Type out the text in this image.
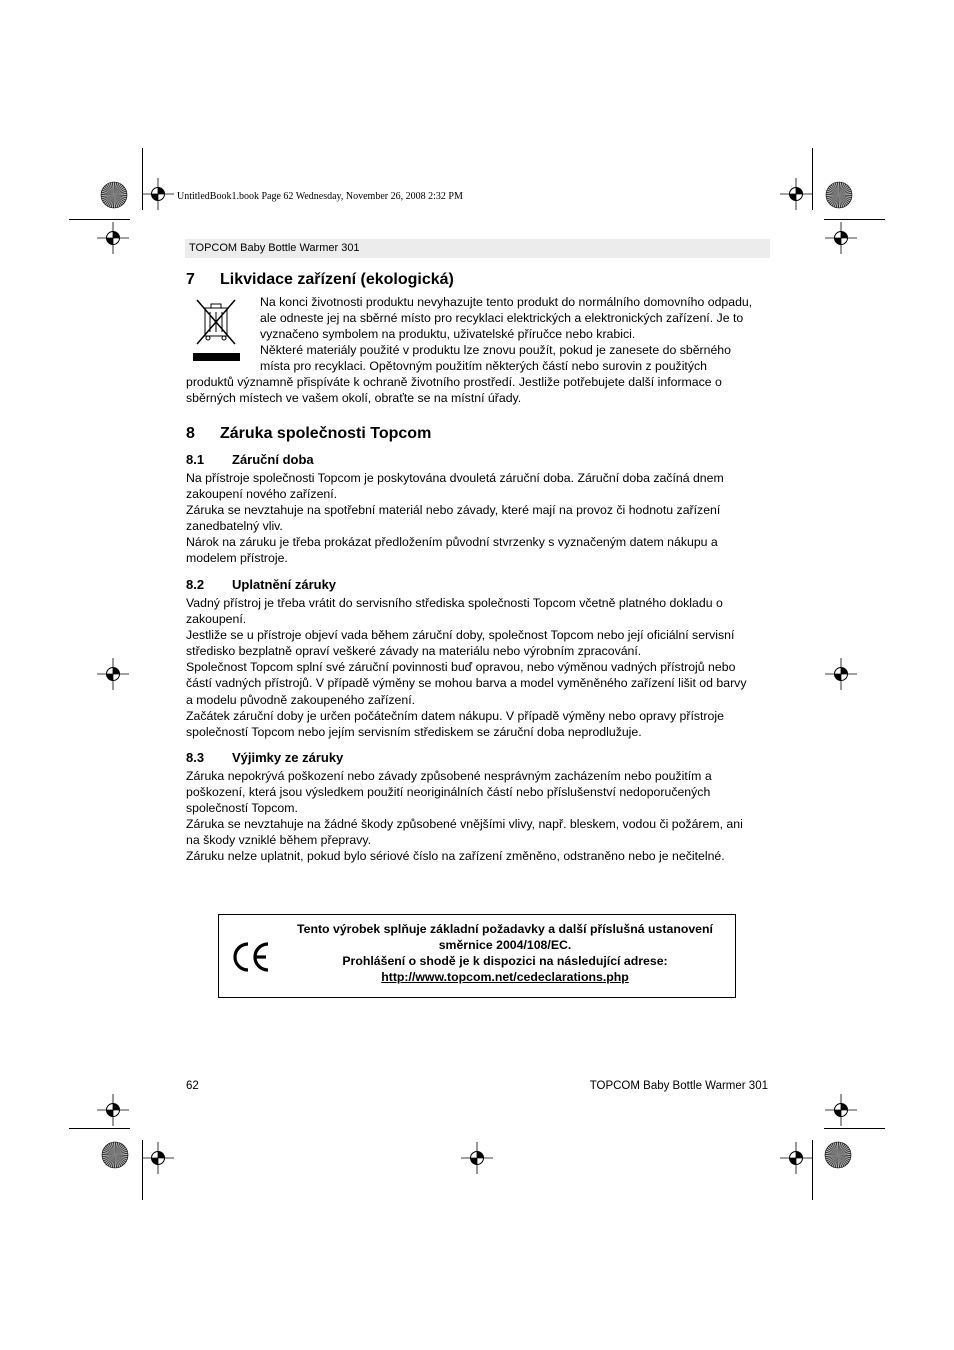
UntitledBook1.book Page 62 Wednesday, November 26, 2008 2:32 PM
TOPCOM Baby Bottle Warmer 301
7 Likvidace zařízení (ekologická)

Na konci životnosti produktu nevyhazujte tento produkt do normálního domovního odpadu,

ale odneste jej na sběrné místo pro recyklaci elektrických a elektronických zařízení. Je to

vyznačeno symbolem na produktu, uživatelské příručce nebo krabici.

Některé materiály použité v produktu lze znovu použít, pokud je zanesete do sběrného

místa pro recyklaci. Opětovným použitím některých částí nebo surovin z použitých

produktů významně přispíváte k ochraně životního prostředí. Jestliže potřebujete další informace o

sběrných místech ve vašem okolí, obraťte se na místní úřady.

8 Záruka společnosti Topcom
8.1 Záruční doba

Na přístroje společnosti Topcom je poskytována dvouletá záruční doba. Záruční doba začíná dnem

zakoupení nového zařízení.

Záruka se nevztahuje na spotřební materiál nebo závady, které mají na provoz či hodnotu zařízení

zanedbatelný vliv.

Nárok na záruku je třeba prokázat předložením původní stvrzenky s vyznačeným datem nákupu a

modelem přístroje.

8.2 Uplatnění záruky

Vadný přístroj je třeba vrátit do servisního střediska společnosti Topcom včetně platného dokladu o

zakoupení.

Jestliže se u přístroje objeví vada během záruční doby, společnost Topcom nebo její oficiální servisní

středisko bezplatně opraví veškeré závady na materiálu nebo výrobním zpracování.

Společnost Topcom splní své záruční povinnosti buď opravou, nebo výměnou vadných přístrojů nebo

částí vadných přístrojů. V případě výměny se mohou barva a model vyměněného zařízení lišit od barvy

a modelu původně zakoupeného zařízení.

Začátek záruční doby je určen počátečním datem nákupu. V případě výměny nebo opravy přístroje

společností Topcom nebo jejím servisním střediskem se záruční doba neprodlužuje.

8.3 Výjimky ze záruky

Záruka nepokrývá poškození nebo závady způsobené nesprávným zacházením nebo použitím a

poškození, která jsou výsledkem použití neoriginálních částí nebo příslušenství nedoporučených

společností Topcom.

Záruka se nevztahuje na žádné škody způsobené vnějšími vlivy, např. bleskem, vodou či požárem, ani

na škody vzniklé během přepravy.

Záruku nelze uplatnit, pokud bylo sériové číslo na zařízení změněno, odstraněno nebo je nečitelné.

Tento výrobek splňuje základní požadavky a další příslušná ustanovení
směrnice 2004/108/EC.
Prohlášení o shodě je k dispozici na následující adrese:
http://www.topcom.net/cedeclarations.php
62	TOPCOM Baby Bottle Warmer 301
